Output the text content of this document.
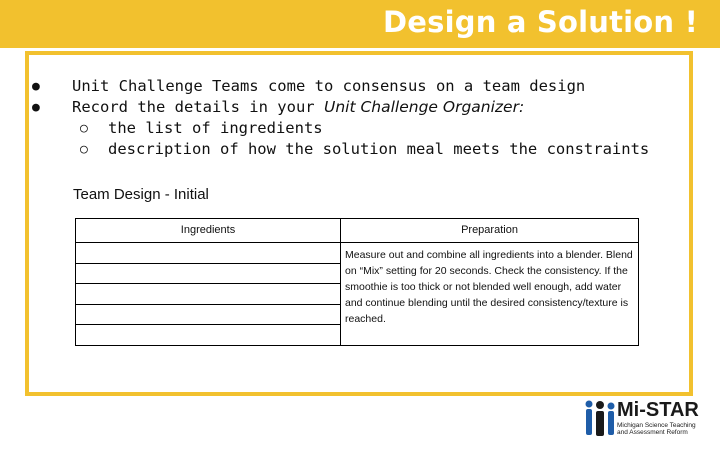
Design a Solution !
● Unit Challenge Teams come to consensus on a team design
● Record the details in your Unit Challenge Organizer:
○ the list of ingredients
○ description of how the solution meal meets the constraints
Team Design - Initial
Ingredients	Preparation
	Measure out and combine all ingredients into a blender. Blend on “Mix” setting for 20 seconds. Check the consistency. If the smoothie is too thick or not blended well enough, add water and continue blending until the desired consistency/texture is reached.

Mi-STAR
Michigan Science Teaching and Assessment Reform
